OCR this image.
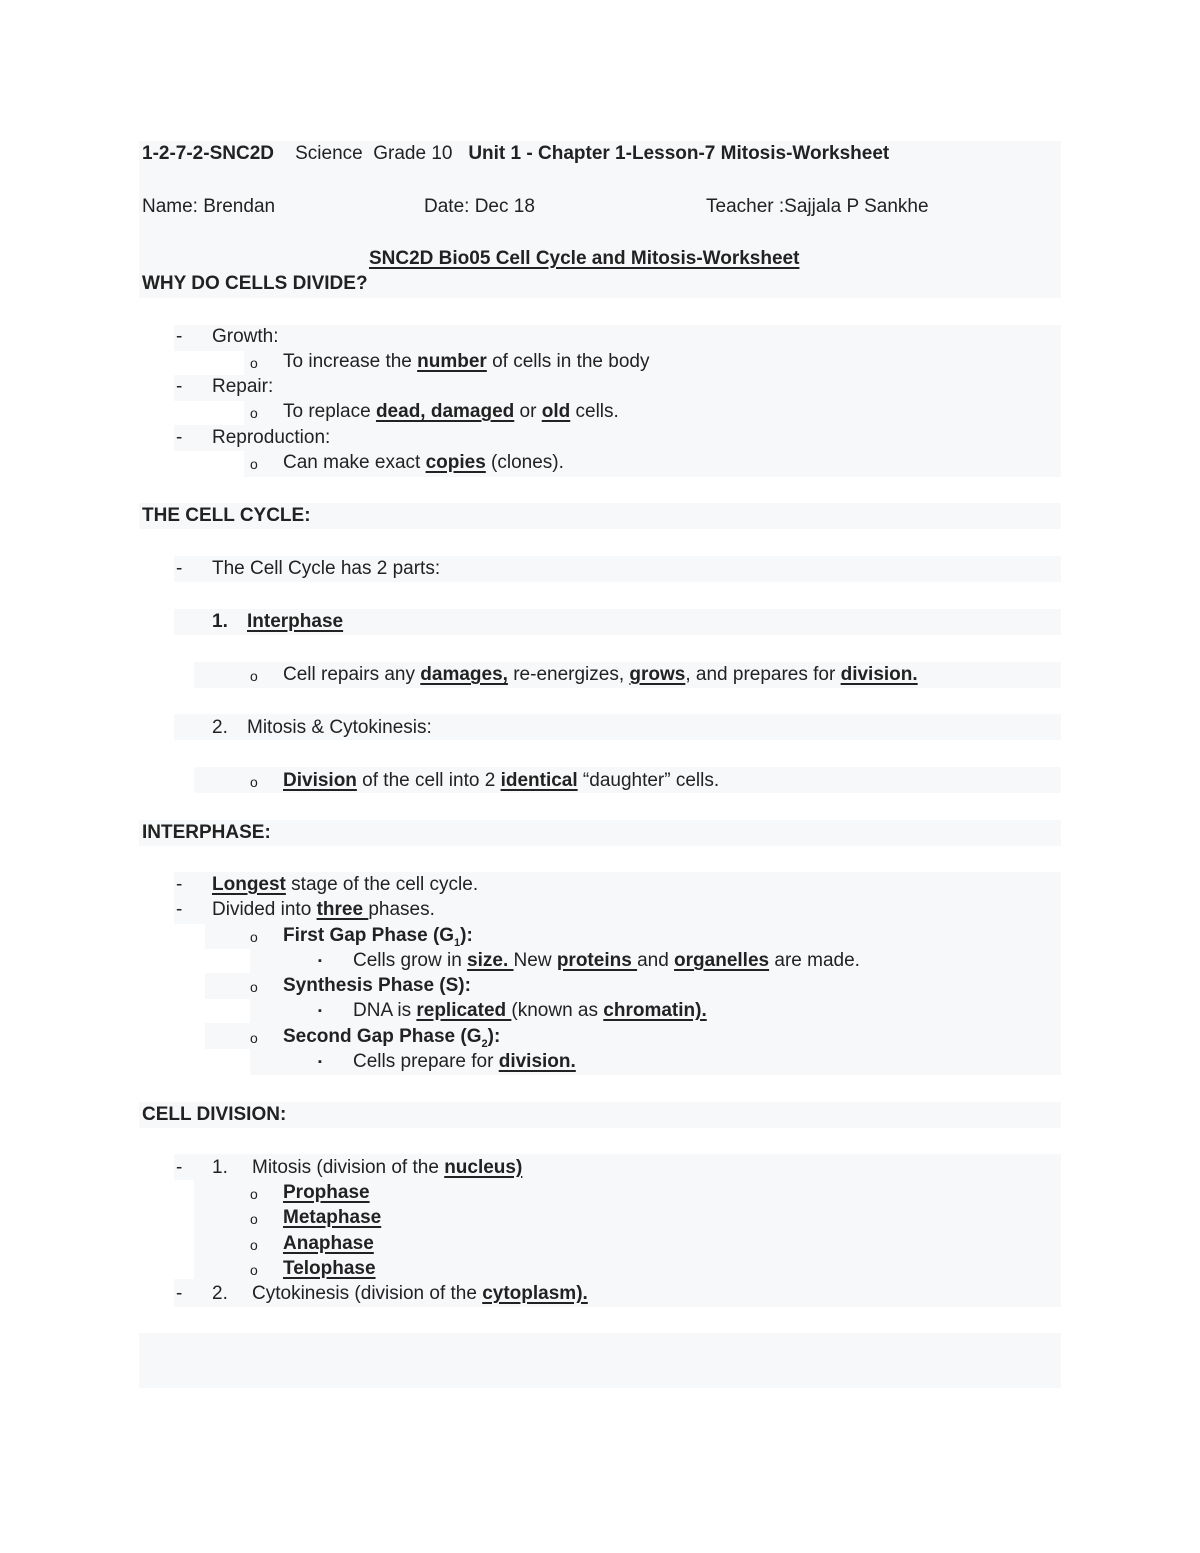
1-2-7-2-SNC2D Science  Grade 10 Unit 1 - Chapter 1-Lesson-7 Mitosis-Worksheet
Name: Brendan	Date: Dec 18	Teacher :Sajjala P Sankhe
SNC2D Bio05 Cell Cycle and Mitosis-Worksheet
WHY DO CELLS DIVIDE?
- Growth:
o To increase the number of cells in the body
- Repair:
o To replace dead, damaged or old cells.
- Reproduction:
o Can make exact copies (clones).
THE CELL CYCLE:
- The Cell Cycle has 2 parts:
1. Interphase
o Cell repairs any damages, re-energizes, grows, and prepares for division.
2. Mitosis & Cytokinesis:
o Division of the cell into 2 identical “daughter” cells.
INTERPHASE:
- Longest stage of the cell cycle.
- Divided into three phases.
o First Gap Phase $(G_1)$:
▪ Cells grow in size. New proteins and organelles are made.
o Synthesis Phase (S):
▪ DNA is replicated (known as chromatin).
o Second Gap Phase $(G_2)$:
▪ Cells prepare for division.
CELL DIVISION:
- 1. Mitosis (division of the nucleus)
o Prophase
o Metaphase
o Anaphase
o Telophase
- 2. Cytokinesis (division of the cytoplasm).
